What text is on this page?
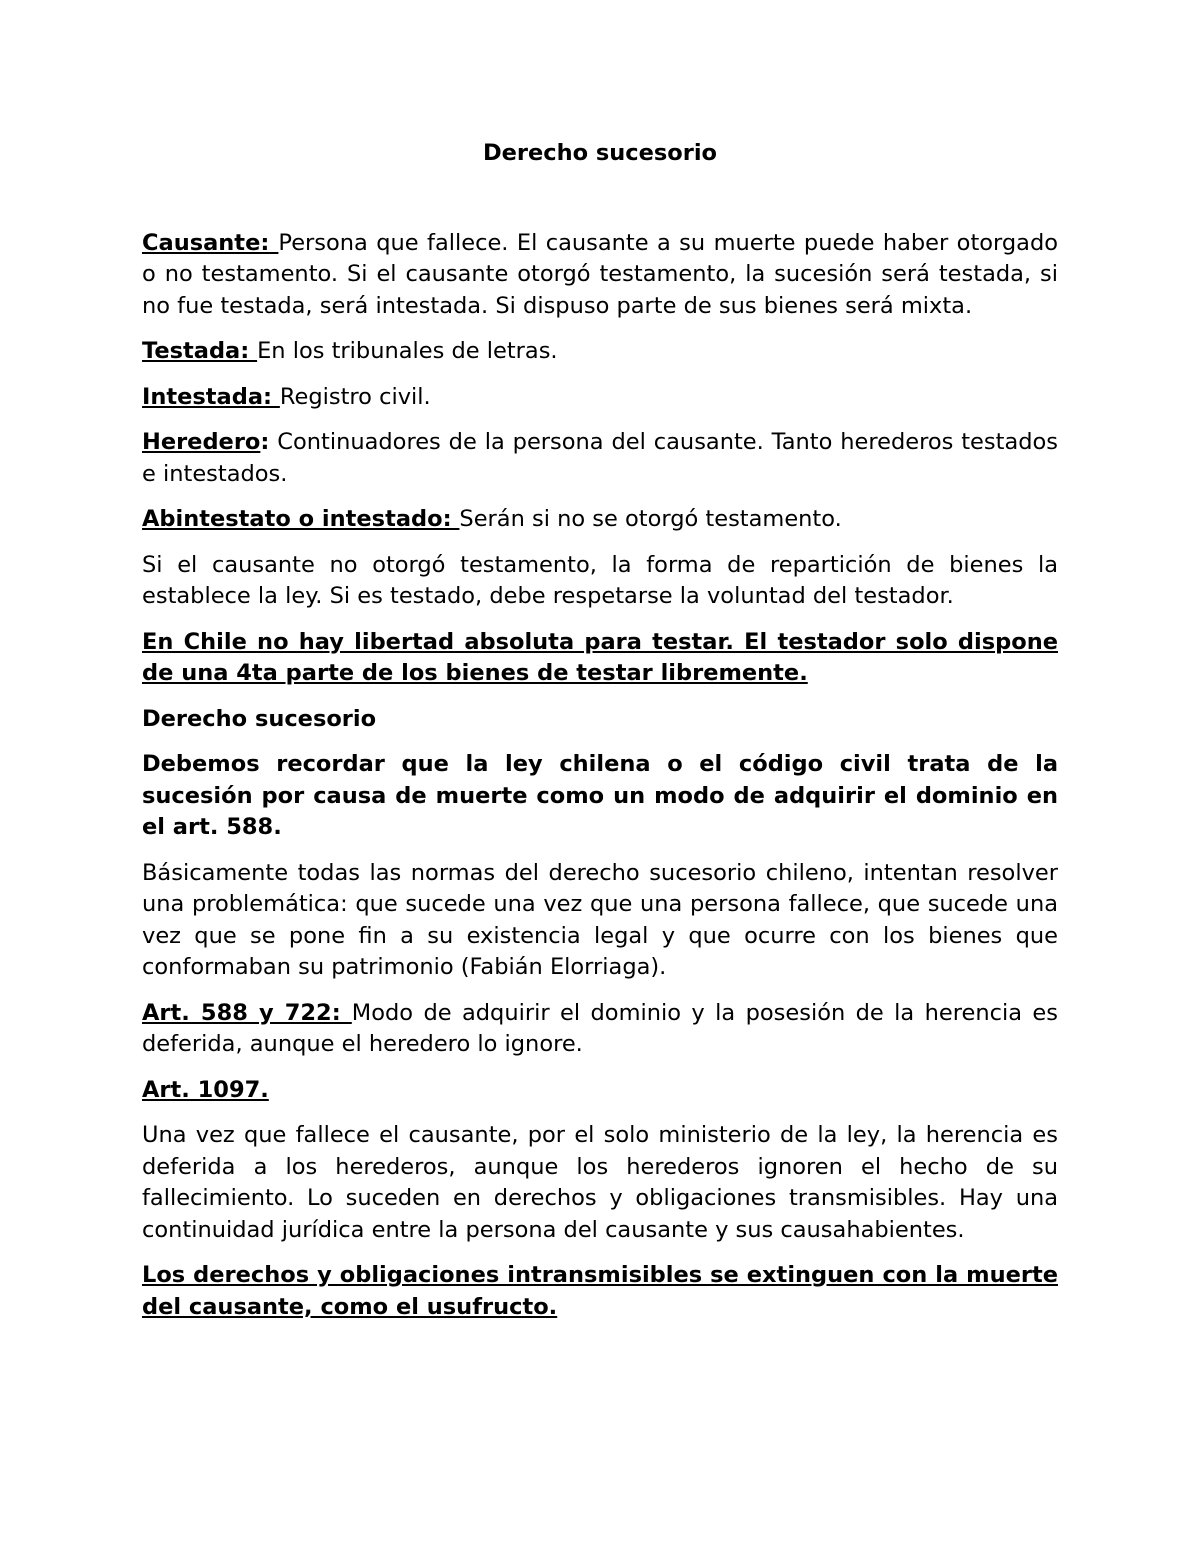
Derecho sucesorio

Causante: Persona que fallece. El causante a su muerte puede haber otorgado o no testamento. Si el causante otorgó testamento, la sucesión será testada, si no fue testada, será intestada. Si dispuso parte de sus bienes será mixta.

Testada: En los tribunales de letras.

Intestada: Registro civil.

Heredero: Continuadores de la persona del causante. Tanto herederos testados e intestados.

Abintestato o intestado: Serán si no se otorgó testamento.

Si el causante no otorgó testamento, la forma de repartición de bienes la establece la ley. Si es testado, debe respetarse la voluntad del testador.

En Chile no hay libertad absoluta para testar. El testador solo dispone de una 4ta parte de los bienes de testar libremente.

Derecho sucesorio

Debemos recordar que la ley chilena o el código civil trata de la sucesión por causa de muerte como un modo de adquirir el dominio en el art. 588.

Básicamente todas las normas del derecho sucesorio chileno, intentan resolver una problemática: que sucede una vez que una persona fallece, que sucede una vez que se pone fin a su existencia legal y que ocurre con los bienes que conformaban su patrimonio (Fabián Elorriaga).

Art. 588 y 722: Modo de adquirir el dominio y la posesión de la herencia es deferida, aunque el heredero lo ignore.

Art. 1097.

Una vez que fallece el causante, por el solo ministerio de la ley, la herencia es deferida a los herederos, aunque los herederos ignoren el hecho de su fallecimiento. Lo suceden en derechos y obligaciones transmisibles. Hay una continuidad jurídica entre la persona del causante y sus causahabientes.

Los derechos y obligaciones intransmisibles se extinguen con la muerte del causante, como el usufructo.
